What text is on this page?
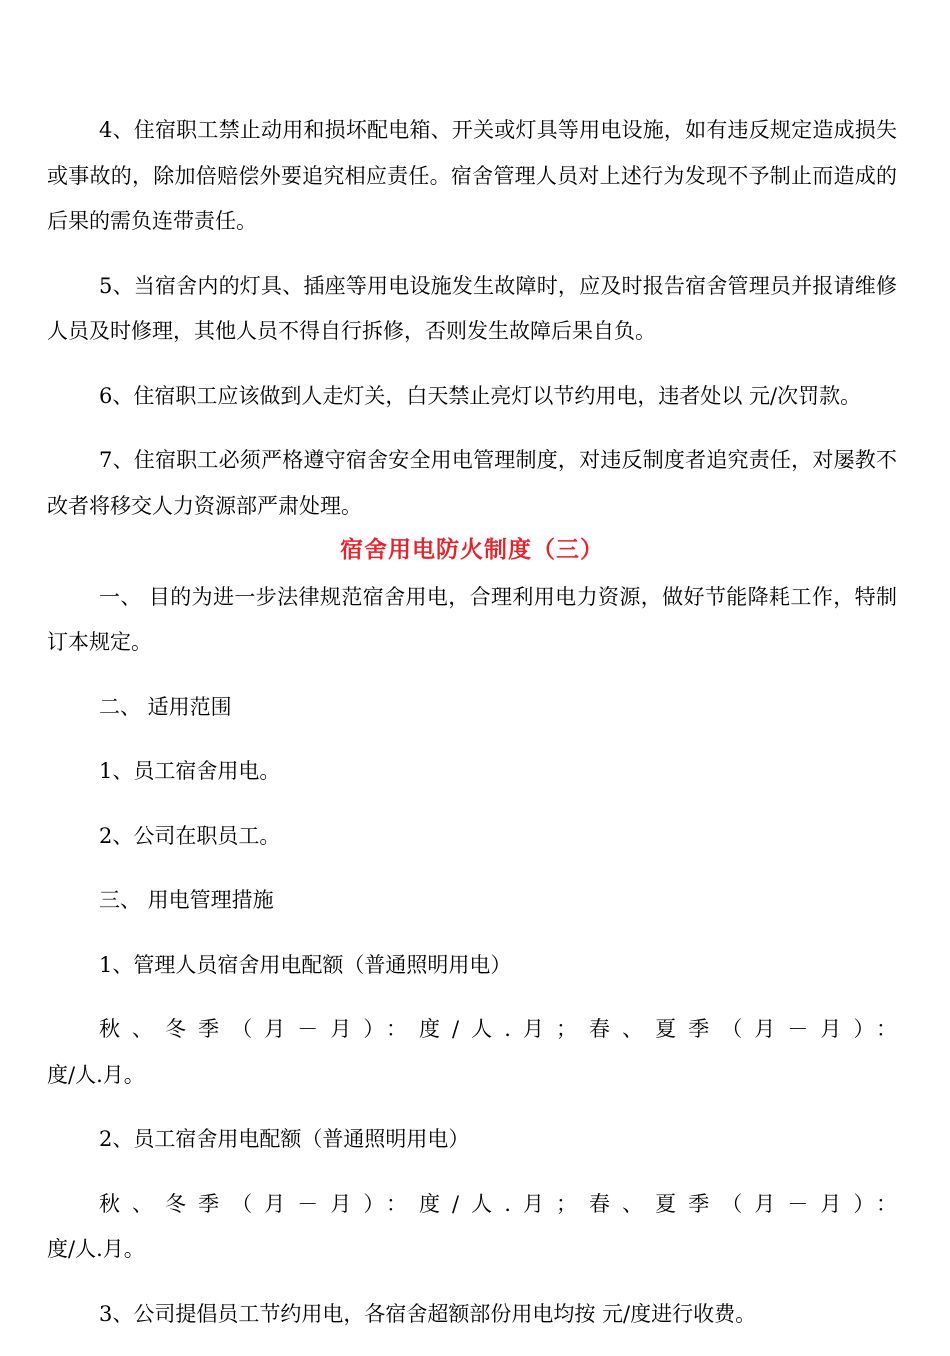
4、住宿职工禁止动用和损坏配电箱、开关或灯具等用电设施，如有违反规定造成损失或事故的，除加倍赔偿外要追究相应责任。宿舍管理人员对上述行为发现不予制止而造成的后果的需负连带责任。

5、当宿舍内的灯具、插座等用电设施发生故障时，应及时报告宿舍管理员并报请维修人员及时修理，其他人员不得自行拆修，否则发生故障后果自负。

6、住宿职工应该做到人走灯关，白天禁止亮灯以节约用电，违者处以 元/次罚款。

7、住宿职工必须严格遵守宿舍安全用电管理制度，对违反制度者追究责任，对屡教不改者将移交人力资源部严肃处理。

宿舍用电防火制度（三）

一、 目的为进一步法律规范宿舍用电，合理利用电力资源，做好节能降耗工作，特制订本规定。

二、 适用范围

1、员工宿舍用电。

2、公司在职员工。

三、 用电管理措施

1、管理人员宿舍用电配额（普通照明用电）

秋、冬季（月－月）：度/人.月；春、夏季（月－月）：

度/人.月。

2、员工宿舍用电配额（普通照明用电）

秋、冬季（月－月）：度/人.月；春、夏季（月－月）：

度/人.月。

3、公司提倡员工节约用电，各宿舍超额部份用电均按 元/度进行收费。
